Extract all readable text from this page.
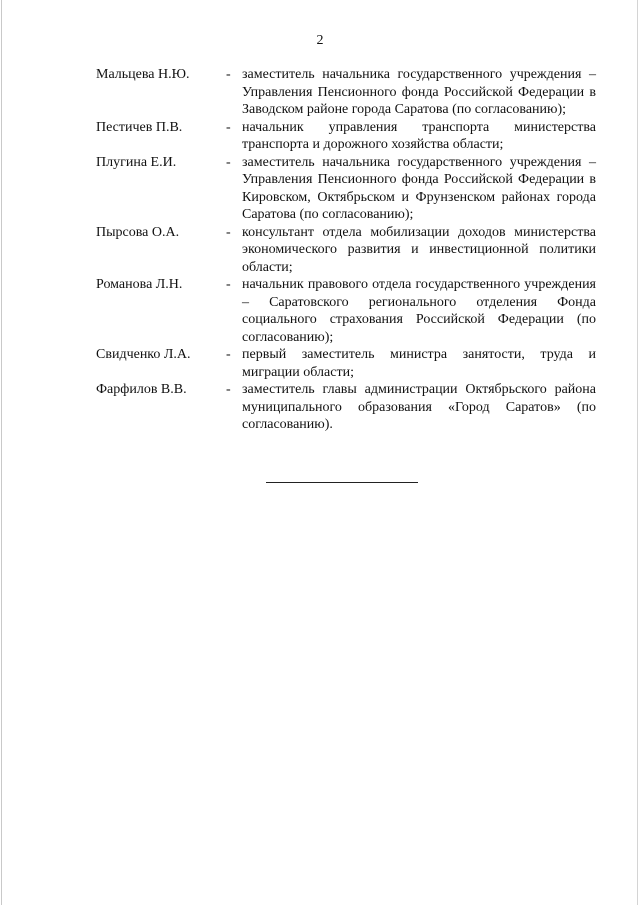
2
Мальцева Н.Ю.	- заместитель начальника государственного учреждения – Управления Пенсионного фонда Российской Федерации в Заводском районе города Саратова (по согласованию);
Пестичев П.В.	- начальник управления транспорта министерства транспорта и дорожного хозяйства области;
Плугина Е.И.	- заместитель начальника государственного учреждения – Управления Пенсионного фонда Российской Федерации в Кировском, Октябрьском и Фрунзенском районах города Саратова (по согласованию);
Пырсова О.А.	- консультант отдела мобилизации доходов министерства экономического развития и инвестиционной политики области;
Романова Л.Н.	- начальник правового отдела государственного учреждения – Саратовского регионального отделения Фонда социального страхования Российской Федерации (по согласованию);
Свидченко Л.А.	- первый заместитель министра занятости, труда и миграции области;
Фарфилов В.В.	- заместитель главы администрации Октябрьского района муниципального образования «Город Саратов» (по согласованию).
